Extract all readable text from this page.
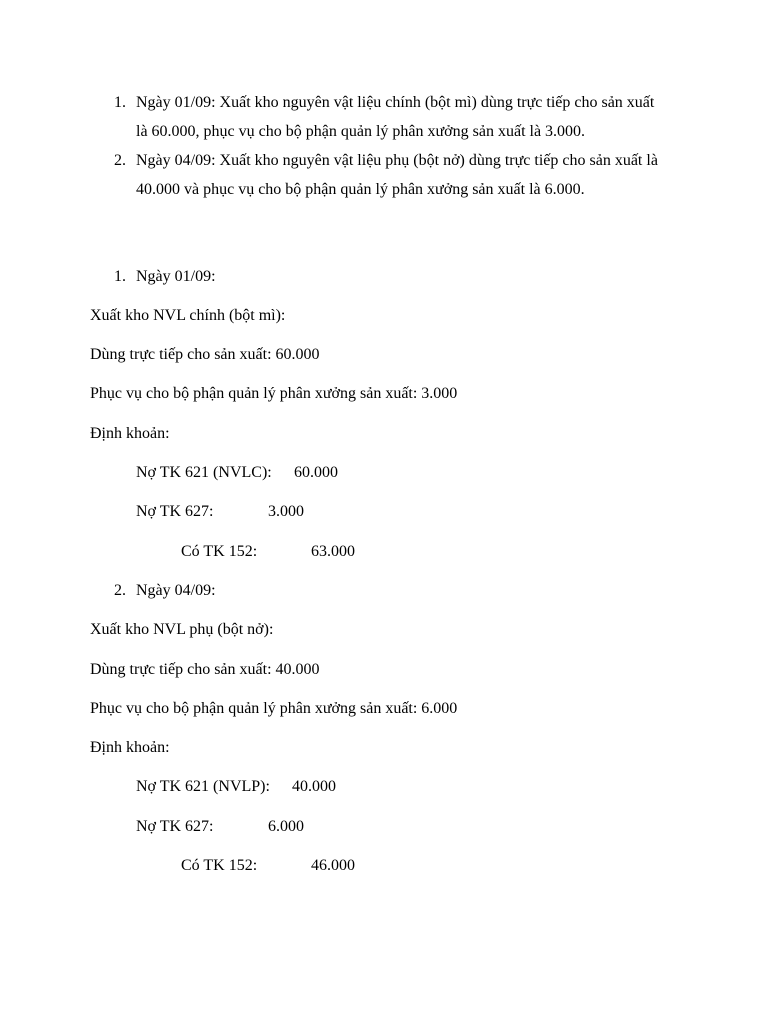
1. Ngày 01/09: Xuất kho nguyên vật liệu chính (bột mì) dùng trực tiếp cho sản xuất
là 60.000, phục vụ cho bộ phận quản lý phân xưởng sản xuất là 3.000.
2. Ngày 04/09: Xuất kho nguyên vật liệu phụ (bột nở) dùng trực tiếp cho sản xuất là
40.000 và phục vụ cho bộ phận quản lý phân xưởng sản xuất là 6.000.
1. Ngày 01/09:
Xuất kho NVL chính (bột mì):
Dùng trực tiếp cho sản xuất: 60.000
Phục vụ cho bộ phận quản lý phân xưởng sản xuất: 3.000
Định khoản:
Nợ TK 621 (NVLC): 60.000
Nợ TK 627:	3.000
Có TK 152:	63.000
2. Ngày 04/09:
Xuất kho NVL phụ (bột nở):
Dùng trực tiếp cho sản xuất: 40.000
Phục vụ cho bộ phận quản lý phân xưởng sản xuất: 6.000
Định khoản:
Nợ TK 621 (NVLP): 40.000
Nợ TK 627:	6.000
Có TK 152:	46.000
